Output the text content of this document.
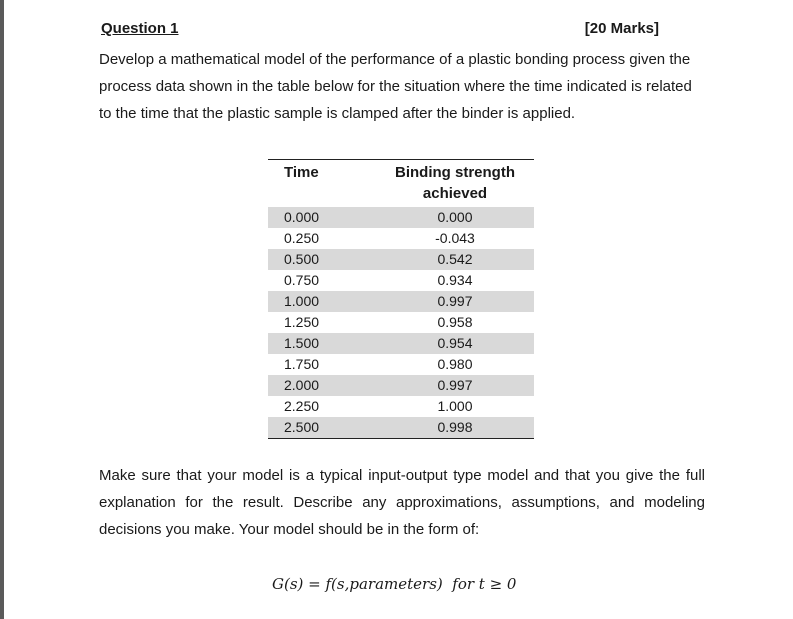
Question 1	[20 Marks]

Develop a mathematical model of the performance of a plastic bonding process given the process data shown in the table below for the situation where the time indicated is related to the time that the plastic sample is clamped after the binder is applied.

Time	Binding strength achieved
0.000	0.000
0.250	-0.043
0.500	0.542
0.750	0.934
1.000	0.997
1.250	0.958
1.500	0.954
1.750	0.980
2.000	0.997
2.250	1.000
2.500	0.998

Make sure that your model is a typical input-output type model and that you give the full explanation for the result. Describe any approximations, assumptions, and modeling decisions you make. Your model should be in the form of:

G(s) = f(s,parameters)  for t ≥ 0
